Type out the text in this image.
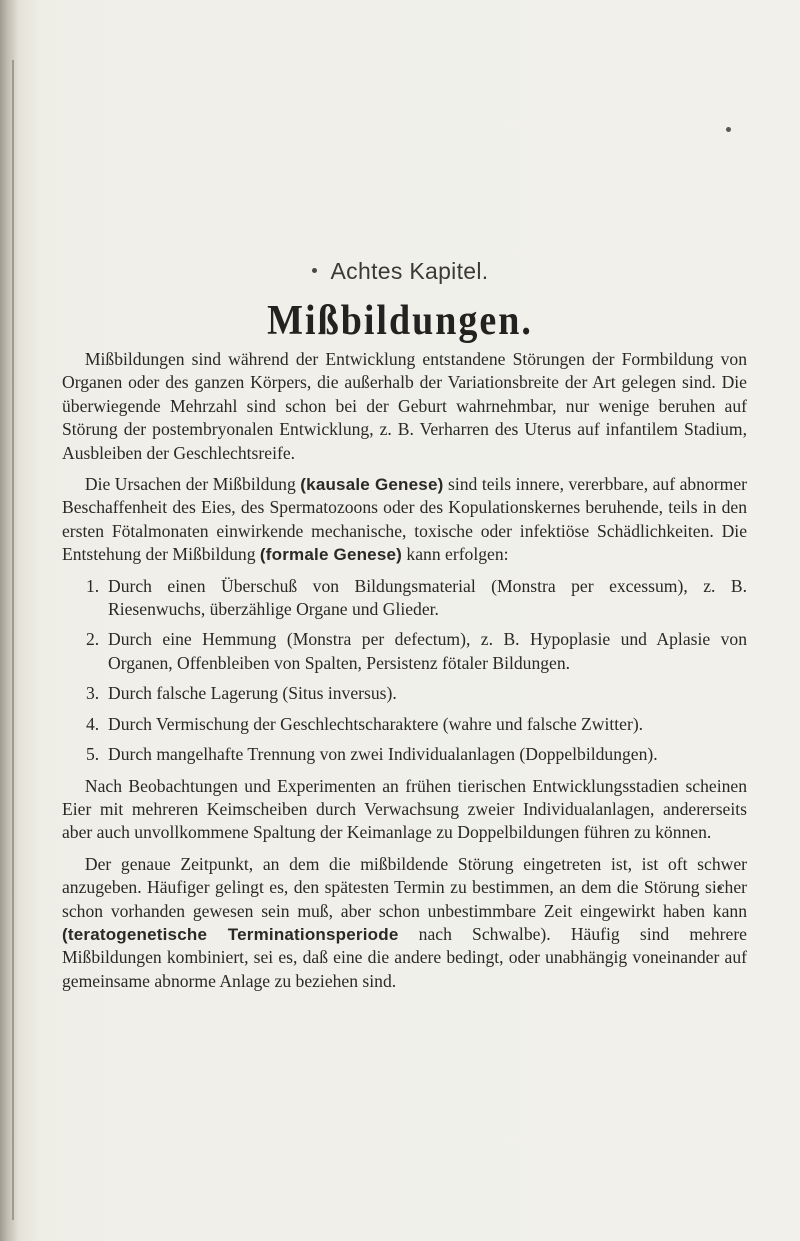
Achtes Kapitel.
Mißbildungen.

Mißbildungen sind während der Entwicklung entstandene Störungen der Formbildung von Organen oder des ganzen Körpers, die außerhalb der Variationsbreite der Art gelegen sind. Die überwiegende Mehrzahl sind schon bei der Geburt wahrnehmbar, nur wenige beruhen auf Störung der postembryonalen Entwicklung, z. B. Verharren des Uterus auf infantilem Stadium, Ausbleiben der Geschlechtsreife.

Die Ursachen der Mißbildung (kausale Genese) sind teils innere, vererbbare, auf abnormer Beschaffenheit des Eies, des Spermatozoons oder des Kopulationskernes beruhende, teils in den ersten Fötalmonaten einwirkende mechanische, toxische oder infektiöse Schädlichkeiten. Die Entstehung der Mißbildung (formale Genese) kann erfolgen:

1. Durch einen Überschuß von Bildungsmaterial (Monstra per excessum), z. B. Riesenwuchs, überzählige Organe und Glieder.
2. Durch eine Hemmung (Monstra per defectum), z. B. Hypoplasie und Aplasie von Organen, Offenbleiben von Spalten, Persistenz fötaler Bildungen.
3. Durch falsche Lagerung (Situs inversus).
4. Durch Vermischung der Geschlechtscharaktere (wahre und falsche Zwitter).
5. Durch mangelhafte Trennung von zwei Individualanlagen (Doppelbildungen).

Nach Beobachtungen und Experimenten an frühen tierischen Entwicklungsstadien scheinen Eier mit mehreren Keimscheiben durch Verwachsung zweier Individualanlagen, andererseits aber auch unvollkommene Spaltung der Keimanlage zu Doppelbildungen führen zu können.

Der genaue Zeitpunkt, an dem die mißbildende Störung eingetreten ist, ist oft schwer anzugeben. Häufiger gelingt es, den spätesten Termin zu bestimmen, an dem die Störung sicher schon vorhanden gewesen sein muß, aber schon unbestimmbare Zeit eingewirkt haben kann (teratogenetische Terminationsperiode nach Schwalbe). Häufig sind mehrere Mißbildungen kombiniert, sei es, daß eine die andere bedingt, oder unabhängig voneinander auf gemeinsame abnorme Anlage zu beziehen sind.
